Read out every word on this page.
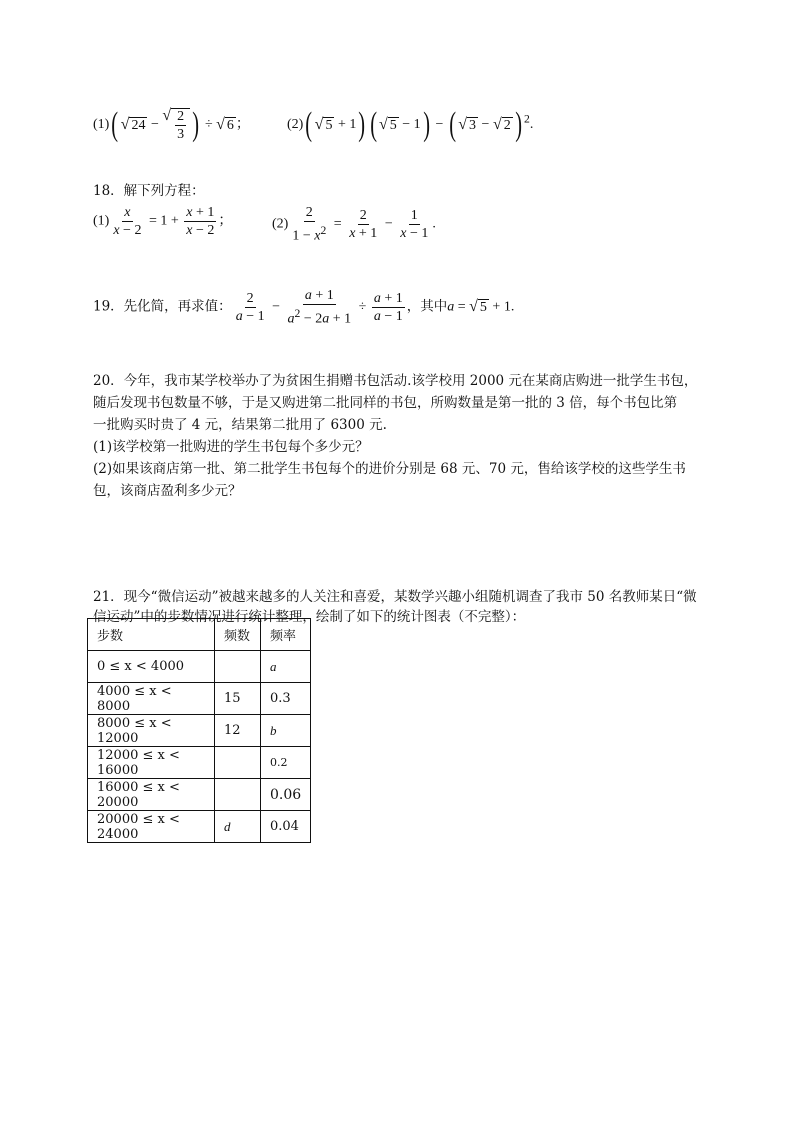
(1)( √ 24 −
√ $\frac{2}{3}$ ) ÷ √ 6 ；	(2)( √ 5 + 1) ( √ 5 − 1) − ( √ 3 − √ 2 ) $^2$.
18．解下列方程：
$(1) \frac{x}{x - 2} = 1 + \frac{x + 1}{x - 2}$ ；	$(2) \frac{2}{1 - x^2} = \frac{2}{x + 1} - \frac{1}{x - 1}$ .
19．先化简，再求值： $\frac{2}{a - 1} - \frac{a + 1}{a^2 - 2a + 1} \div \frac{a + 1}{a - 1}$ ，其中a = √ 5 + 1.
20．今年，我市某学校举办了为贫困生捐赠书包活动.该学校用 2000 元在某商店购进一批学生书包，
随后发现书包数量不够，于是又购进第二批同样的书包，所购数量是第一批的 3 倍，每个书包比第
一批购买时贵了 4 元，结果第二批用了 6300 元.
(1)该学校第一批购进的学生书包每个多少元？
(2)如果该商店第一批、第二批学生书包每个的进价分别是 68 元、70 元，售给该学校的这些学生书
包，该商店盈利多少元？
21．现今“微信运动”被越来越多的人关注和喜爱，某数学兴趣小组随机调查了我市 50 名教师某日“微
信运动”中的步数情况进行统计整理，绘制了如下的统计图表（不完整）：
步数	频数	频率
0 ≤ x < 4000		a
4000 ≤ x < 8000	15	0.3
8000 ≤ x < 12000	12	b
12000 ≤ x < 16000		0.2
16000 ≤ x < 20000		0.06
20000 ≤ x < 24000	d	0.04
